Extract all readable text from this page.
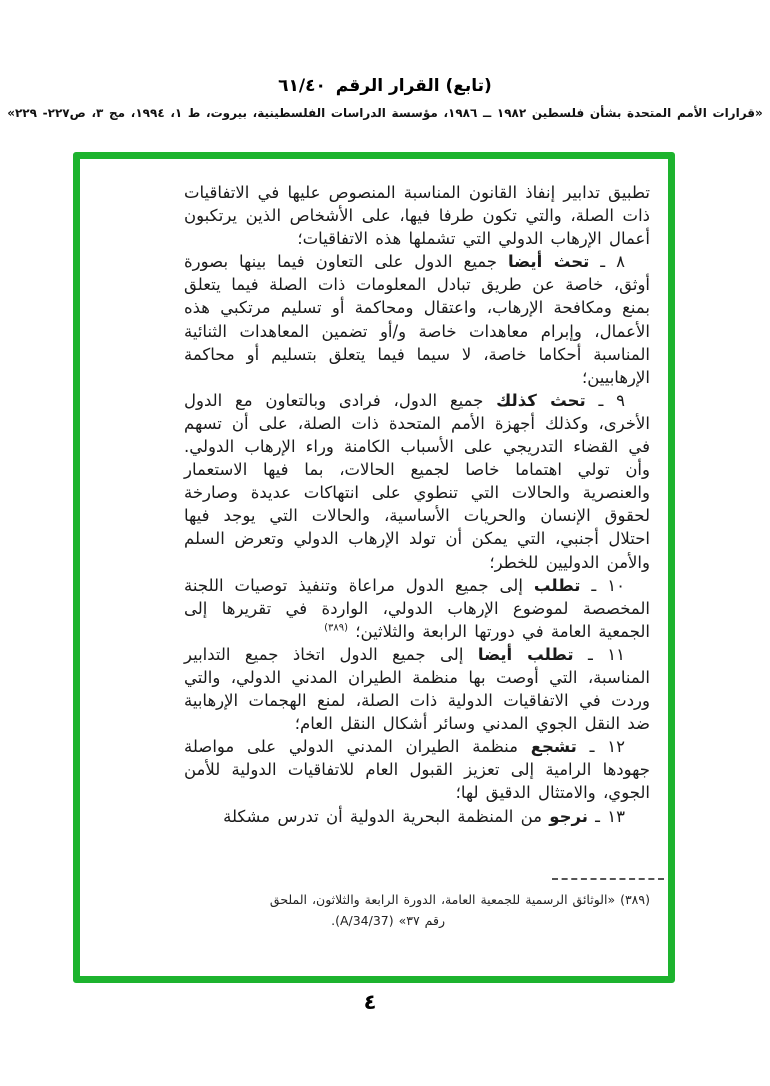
(تابع) القرار الرقم ٦١/٤٠
«قرارات الأمم المتحدة بشأن فلسطين ١٩٨٢ ــ ١٩٨٦، مؤسسة الدراسات الفلسطينية، بيروت، ط ١، ١٩٩٤، مج ٣، ص٢٢٧- ٢٢٩»

تطبيق تدابير إنفاذ القانون المناسبة المنصوص عليها في الاتفاقيات ذات الصلة، والتي تكون طرفا فيها، على الأشخاص الذين يرتكبون أعمال الإرهاب الدولي التي تشملها هذه الاتفاقيات؛

٨ ـ تحث أيضا جميع الدول على التعاون فيما بينها بصورة أوثق، خاصة عن طريق تبادل المعلومات ذات الصلة فيما يتعلق بمنع ومكافحة الإرهاب، واعتقال ومحاكمة أو تسليم مرتكبي هذه الأعمال، وإبرام معاهدات خاصة و/أو تضمين المعاهدات الثنائية المناسبة أحكاما خاصة، لا سيما فيما يتعلق بتسليم أو محاكمة الإرهابيين؛

٩ ـ تحث كذلك جميع الدول، فرادى وبالتعاون مع الدول الأخرى، وكذلك أجهزة الأمم المتحدة ذات الصلة، على أن تسهم في القضاء التدريجي على الأسباب الكامنة وراء الإرهاب الدولي. وأن تولي اهتماما خاصا لجميع الحالات، بما فيها الاستعمار والعنصرية والحالات التي تنطوي على انتهاكات عديدة وصارخة لحقوق الإنسان والحريات الأساسية، والحالات التي يوجد فيها احتلال أجنبي، التي يمكن أن تولد الإرهاب الدولي وتعرض السلم والأمن الدوليين للخطر؛

١٠ ـ تطلب إلى جميع الدول مراعاة وتنفيذ توصيات اللجنة المخصصة لموضوع الإرهاب الدولي، الواردة في تقريرها إلى الجمعية العامة في دورتها الرابعة والثلاثين؛ $^{(٣٨٩)}$

١١ ـ تطلب أيضا إلى جميع الدول اتخاذ جميع التدابير المناسبة، التي أوصت بها منظمة الطيران المدني الدولي، والتي وردت في الاتفاقيات الدولية ذات الصلة، لمنع الهجمات الإرهابية ضد النقل الجوي المدني وسائر أشكال النقل العام؛

١٢ ـ تشجع منظمة الطيران المدني الدولي على مواصلة جهودها الرامية إلى تعزيز القبول العام للاتفاقيات الدولية للأمن الجوي، والامتثال الدقيق لها؛

١٣ ـ نرجو من المنظمة البحرية الدولية أن تدرس مشكلة

(٣٨٩) «الوثائق الرسمية للجمعية العامة، الدورة الرابعة والثلاثون، الملحق
رقم ٣٧» (A/34/37).
٤
